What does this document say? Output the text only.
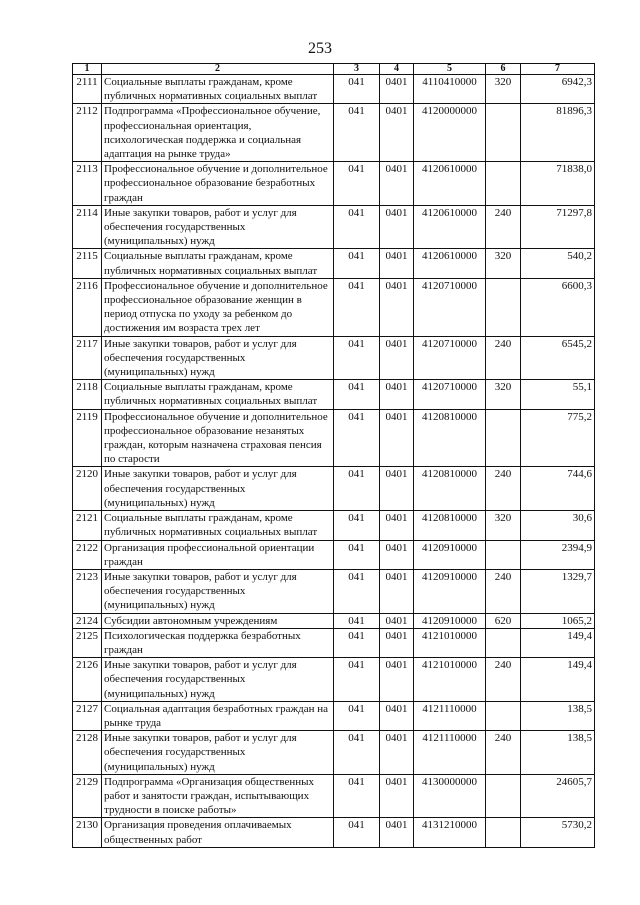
253
1	2	3	4	5	6	7
2111	Социальные выплаты гражданам, кроме публичных нормативных социальных выплат	041	0401	4110410000	320	6942,3
2112	Подпрограмма «Профессиональное обучение, профессиональная ориентация, психологическая поддержка и социальная адаптация на рынке труда»	041	0401	4120000000		81896,3
2113	Профессиональное обучение и дополнительное профессиональное образование безработных граждан	041	0401	4120610000		71838,0
2114	Иные закупки товаров, работ и услуг для обеспечения государственных (муниципальных) нужд	041	0401	4120610000	240	71297,8
2115	Социальные выплаты гражданам, кроме публичных нормативных социальных выплат	041	0401	4120610000	320	540,2
2116	Профессиональное обучение и дополнительное профессиональное образование женщин в период отпуска по уходу за ребенком до достижения им возраста трех лет	041	0401	4120710000		6600,3
2117	Иные закупки товаров, работ и услуг для обеспечения государственных (муниципальных) нужд	041	0401	4120710000	240	6545,2
2118	Социальные выплаты гражданам, кроме публичных нормативных социальных выплат	041	0401	4120710000	320	55,1
2119	Профессиональное обучение и дополнительное профессиональное образование незанятых граждан, которым назначена страховая пенсия по старости	041	0401	4120810000		775,2
2120	Иные закупки товаров, работ и услуг для обеспечения государственных (муниципальных) нужд	041	0401	4120810000	240	744,6
2121	Социальные выплаты гражданам, кроме публичных нормативных социальных выплат	041	0401	4120810000	320	30,6
2122	Организация профессиональной ориентации граждан	041	0401	4120910000		2394,9
2123	Иные закупки товаров, работ и услуг для обеспечения государственных (муниципальных) нужд	041	0401	4120910000	240	1329,7
2124	Субсидии автономным учреждениям	041	0401	4120910000	620	1065,2
2125	Психологическая поддержка безработных граждан	041	0401	4121010000		149,4
2126	Иные закупки товаров, работ и услуг для обеспечения государственных (муниципальных) нужд	041	0401	4121010000	240	149,4
2127	Социальная адаптация безработных граждан на рынке труда	041	0401	4121110000		138,5
2128	Иные закупки товаров, работ и услуг для обеспечения государственных (муниципальных) нужд	041	0401	4121110000	240	138,5
2129	Подпрограмма «Организация общественных работ и занятости граждан, испытывающих трудности в поиске работы»	041	0401	4130000000		24605,7
2130	Организация проведения оплачиваемых общественных работ	041	0401	4131210000		5730,2
